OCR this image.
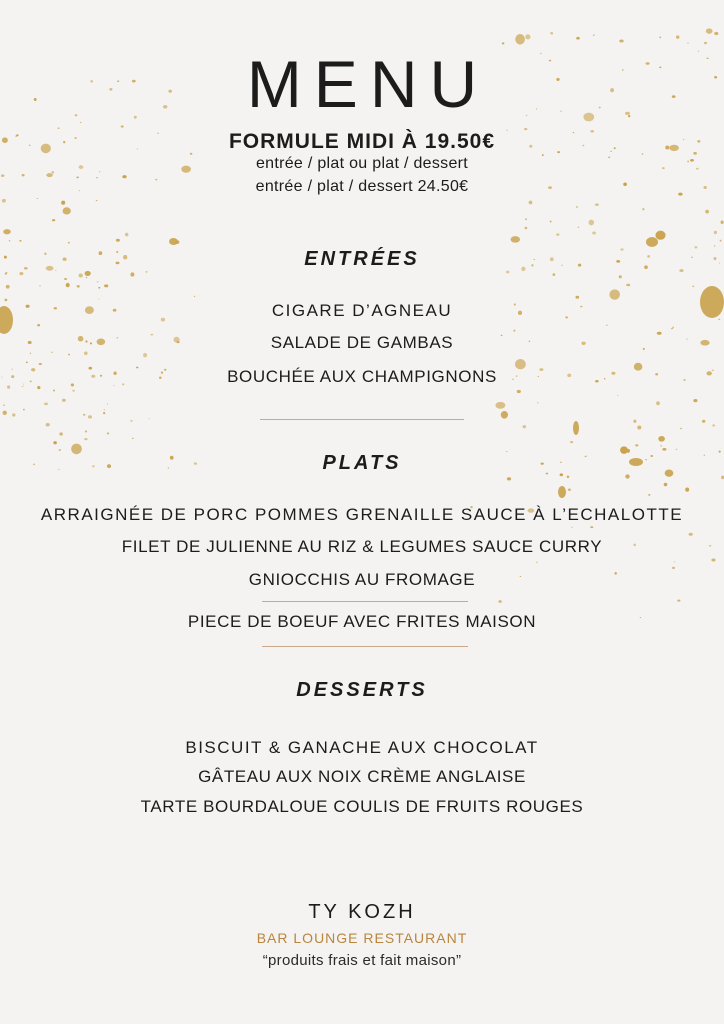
MENU
FORMULE MIDI À 19.50€
entrée / plat ou plat / dessert
entrée / plat / dessert 24.50€
ENTRÉES
CIGARE D’AGNEAU
SALADE DE GAMBAS
BOUCHÉE AUX CHAMPIGNONS
PLATS
ARRAIGNÉE DE PORC POMMES GRENAILLE SAUCE À L’ECHALOTTE
FILET DE JULIENNE AU RIZ & LEGUMES SAUCE CURRY
GNIOCCHIS AU FROMAGE
PIECE DE BOEUF AVEC FRITES MAISON
DESSERTS
BISCUIT & GANACHE AUX CHOCOLAT
GÂTEAU AUX NOIX CRÈME ANGLAISE
TARTE BOURDALOUE COULIS DE FRUITS ROUGES
TY KOZH
BAR LOUNGE RESTAURANT
“produits frais et fait maison”
